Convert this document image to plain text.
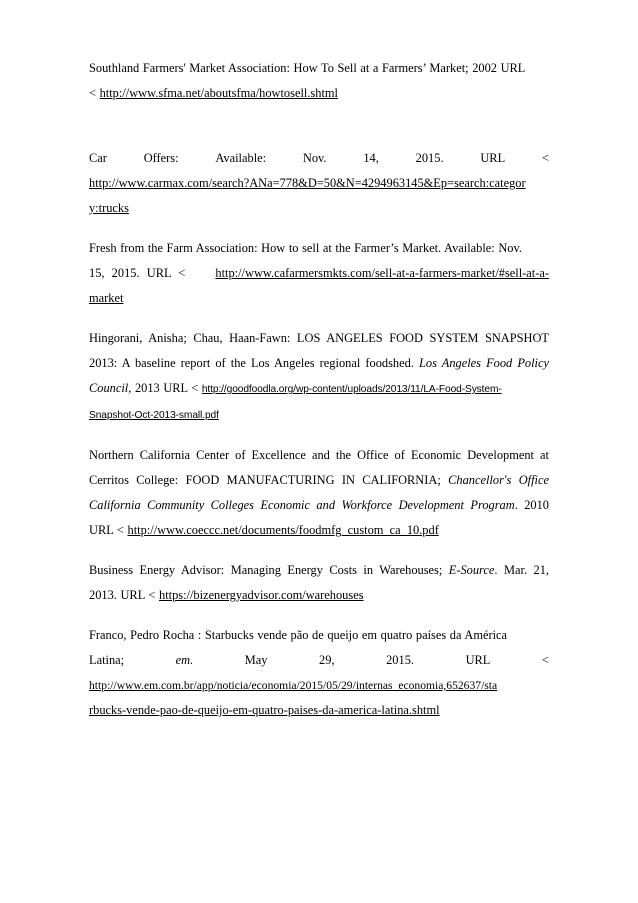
Southland Farmers' Market Association: How To Sell at a Farmers’ Market; 2002 URL
< http://www.sfma.net/aboutsfma/howtosell.shtml
Car	Offers:	Available:	Nov.	14,	2015.	URL	<
http://www.carmax.com/search?ANa=778&D=50&N=4294963145&Ep=search:categor
y:trucks
Fresh from the Farm Association: How to sell at the Farmer’s Market. Available: Nov.

15,  2015.  URL  < http://www.cafarmersmkts.com/sell-at-a-farmers-market/#sell-at-a-
market
Hingorani, Anisha; Chau, Haan-Fawn: LOS ANGELES FOOD SYSTEM SNAPSHOT 2013: A baseline report of the Los Angeles regional foodshed. Los Angeles Food Policy Council, 2013 URL < http://goodfoodla.org/wp-content/uploads/2013/11/LA-Food-System-
Snapshot-Oct-2013-small.pdf
Northern California Center of Excellence and the Office of Economic Development at Cerritos College: FOOD MANUFACTURING IN CALIFORNIA; Chancellor's Office California Community Colleges Economic and Workforce Development Program. 2010 URL < http://www.coeccc.net/documents/foodmfg_custom_ca_10.pdf
Business Energy Advisor: Managing Energy Costs in Warehouses; E-Source. Mar. 21, 2013. URL < https://bizenergyadvisor.com/warehouses
Franco, Pedro Rocha : Starbucks vende pão de queijo em quatro países da América

Latina;	em.	May	29,	2015.	URL	<
http://www.em.com.br/app/noticia/economia/2015/05/29/internas_economia,652637/sta
rbucks-vende-pao-de-queijo-em-quatro-paises-da-america-latina.shtml
